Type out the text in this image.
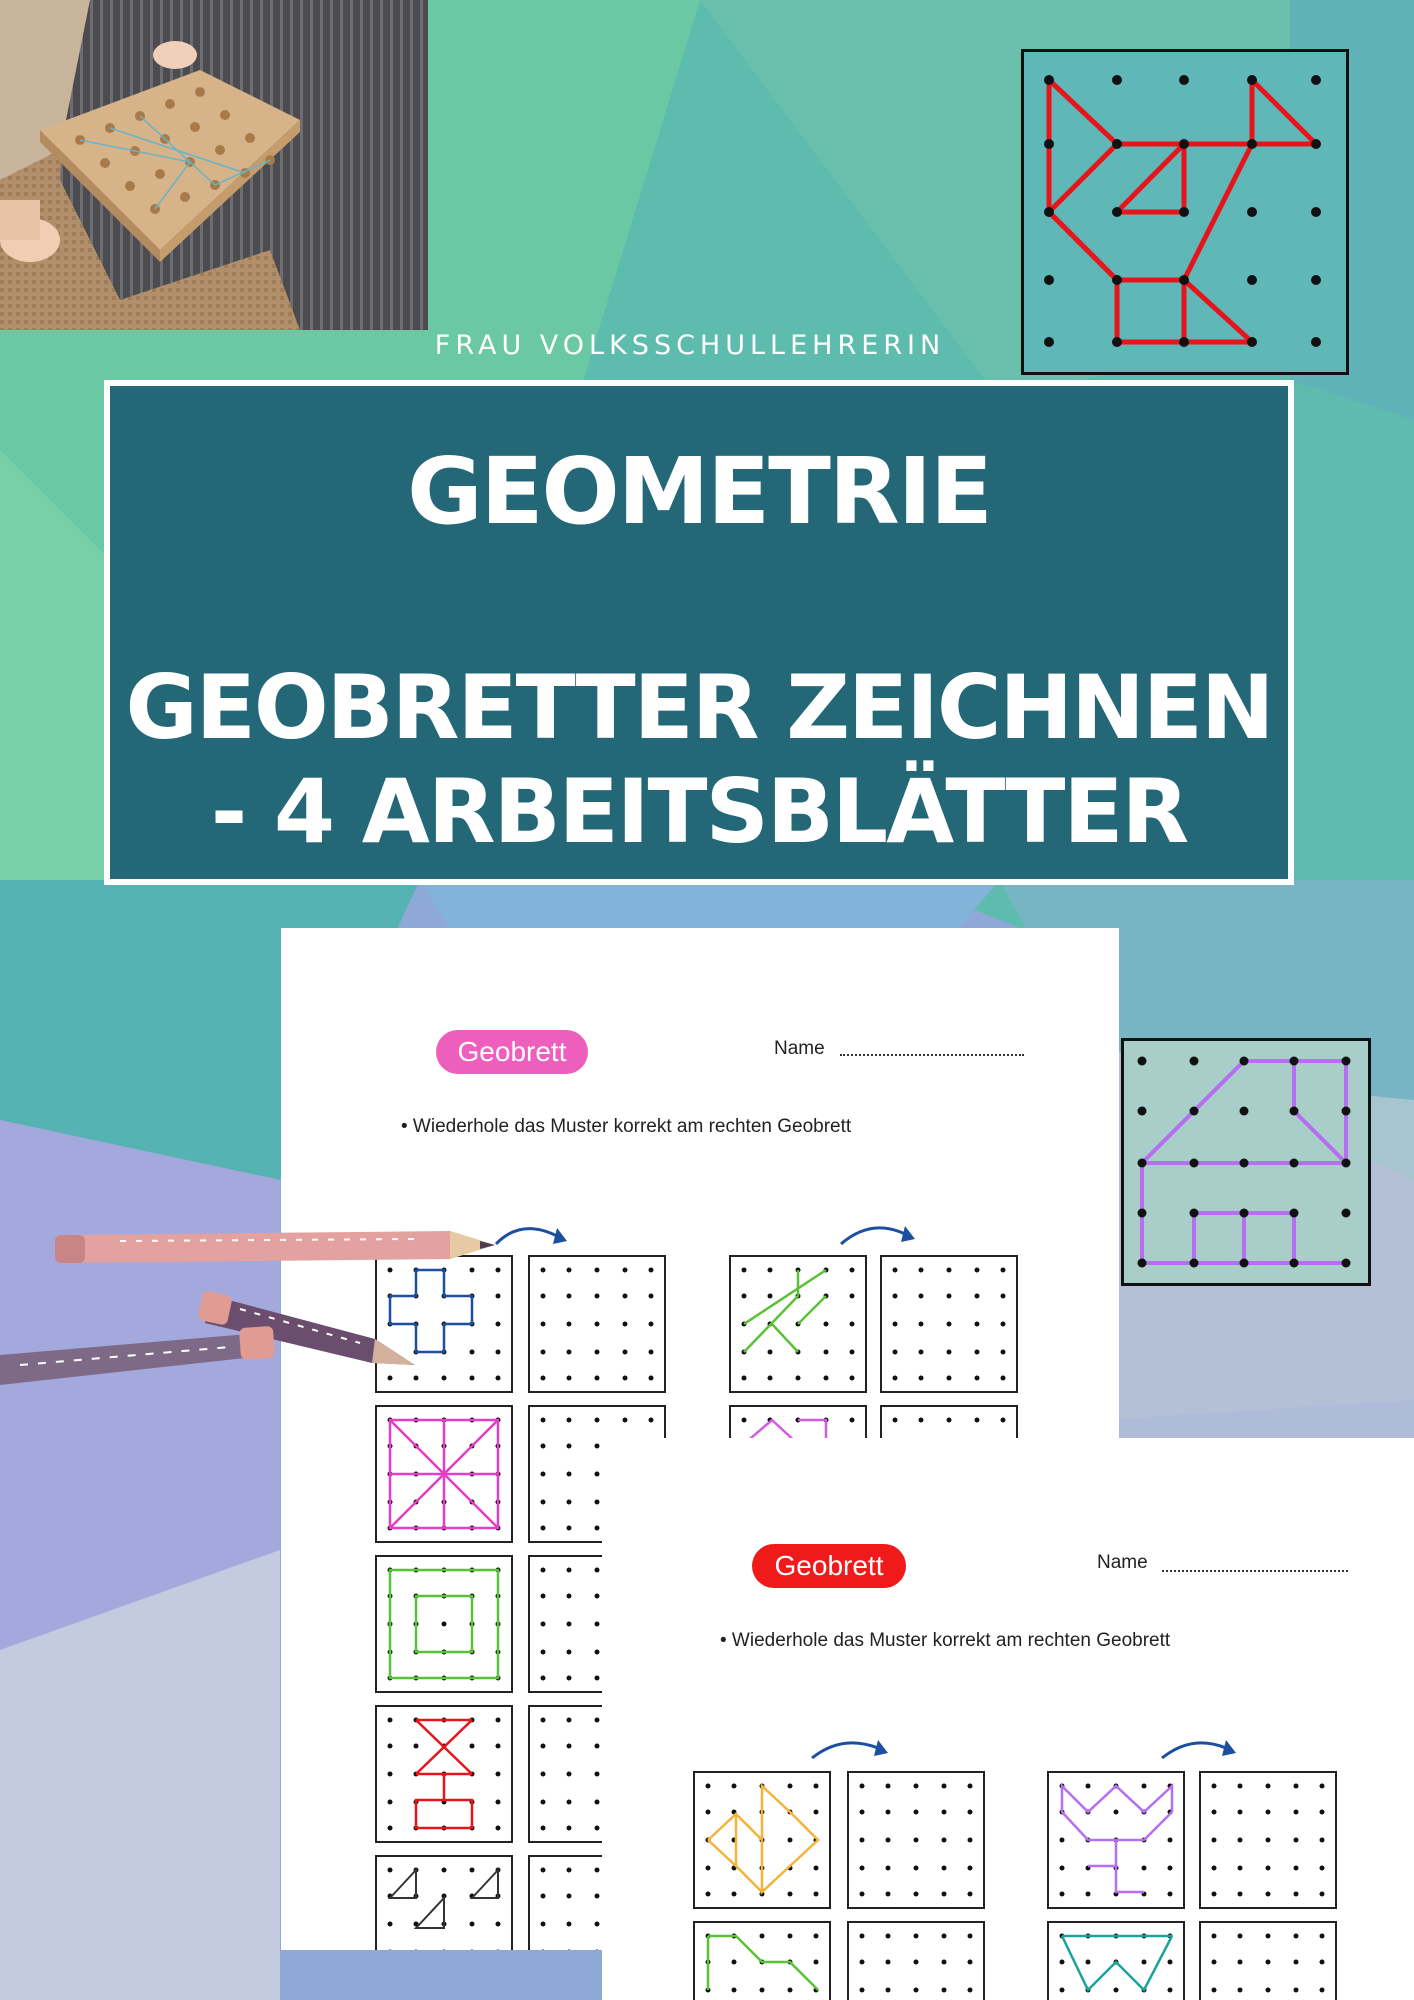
FRAU VOLKSSCHULLEHRERIN
GEOMETRIE
GEOBRETTER ZEICHNEN
- 4 ARBEITSBLÄTTER
Geobrett	Name
• Wiederhole das Muster korrekt am rechten Geobrett
Geobrett	Name
• Wiederhole das Muster korrekt am rechten Geobrett
